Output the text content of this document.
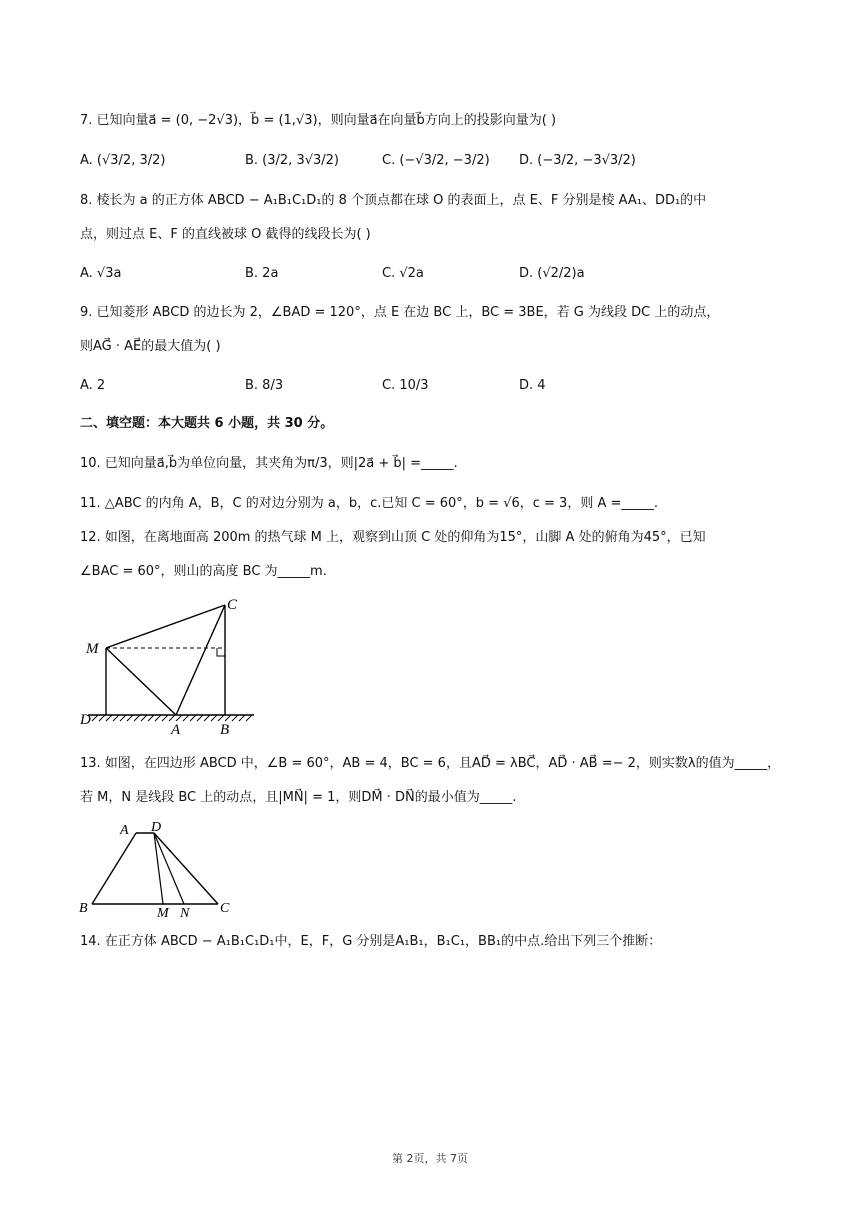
7. 已知向量a⃗ = (0, −2√3)，b⃗ = (1,√3)，则向量a⃗在向量b⃗方向上的投影向量为( )
A. (√3/2, 3/2)	B. (3/2, 3√3/2)	C. (−√3/2, −3/2) D. (−3/2, −3√3/2)
8. 棱长为 a 的正方体 ABCD − A₁B₁C₁D₁的 8 个顶点都在球 O 的表面上，点 E、F 分别是棱 AA₁、DD₁的中
点，则过点 E、F 的直线被球 O 截得的线段长为( )
A. √3a	B. 2a	C. √2a	D. (√2/2)a
9. 已知菱形 ABCD 的边长为 2，∠BAD = 120°，点 E 在边 BC 上，BC = 3BE，若 G 为线段 DC 上的动点，
则AG⃗ · AE⃗的最大值为( )
A. 2	B. 8/3	C. 10/3	D. 4
二、填空题：本大题共 6 小题，共 30 分。
10. 已知向量a⃗,b⃗为单位向量，其夹角为π/3，则|2a⃗ + b⃗| =_____.
11. △ABC 的内角 A，B，C 的对边分别为 a，b，c.已知 C = 60°，b = √6，c = 3，则 A =_____.
12. 如图，在离地面高 200m 的热气球 M 上，观察到山顶 C 处的仰角为15°，山脚 A 处的俯角为45°，已知
∠BAC = 60°，则山的高度 BC 为_____m.
C
M
D
A	B
13. 如图，在四边形 ABCD 中，∠B = 60°，AB = 4，BC = 6，且AD⃗ = λBC⃗，AD⃗ · AB⃗ =− 2，则实数λ的值为_____，
若 M，N 是线段 BC 上的动点，且|MN⃗| = 1，则DM⃗ · DN⃗的最小值为_____.
A D
B	M N C
14. 在正方体 ABCD − A₁B₁C₁D₁中，E，F，G 分别是A₁B₁，B₁C₁，BB₁的中点.给出下列三个推断：
第 2页，共 7页
